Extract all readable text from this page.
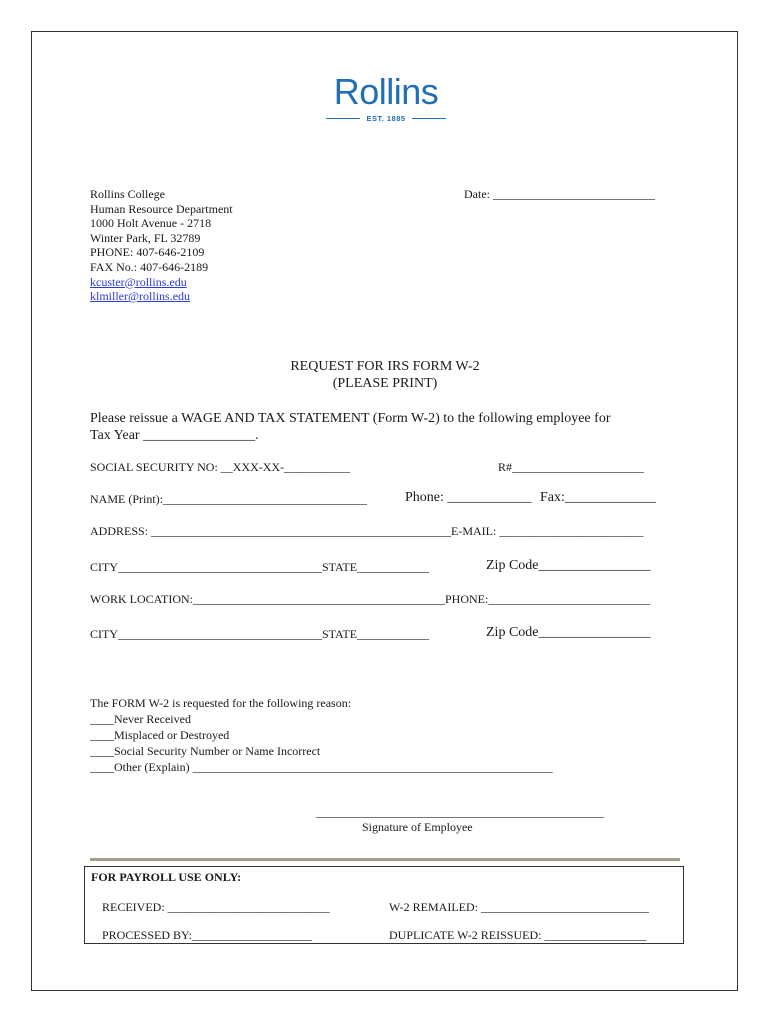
Rollins
EST. 1885
Rollins College
Human Resource Department
1000 Holt Avenue - 2718
Winter Park, FL 32789
PHONE: 407-646-2109
FAX No.: 407-646-2189
kcuster@rollins.edu
klmiller@rollins.edu
Date: ___________________________
REQUEST FOR IRS FORM W-2
(PLEASE PRINT)
Please reissue a WAGE AND TAX STATEMENT (Form W-2) to the following employee for
Tax Year ________________.
SOCIAL SECURITY NO: __XXX-XX-___________	R#______________________
NAME (Print):__________________________________	Phone: ____________ Fax:_____________
ADDRESS: __________________________________________________E-MAIL: ________________________
CITY__________________________________STATE____________	Zip Code________________
WORK LOCATION:__________________________________________PHONE:___________________________
CITY__________________________________STATE____________	Zip Code________________
The FORM W-2 is requested for the following reason:
____Never Received
____Misplaced or Destroyed
____Social Security Number or Name Incorrect
____Other (Explain) ____________________________________________________________
________________________________________________
Signature of Employee
FOR PAYROLL USE ONLY:
RECEIVED: ___________________________	W-2 REMAILED: ____________________________
PROCESSED BY:____________________	DUPLICATE W-2 REISSUED: _________________
